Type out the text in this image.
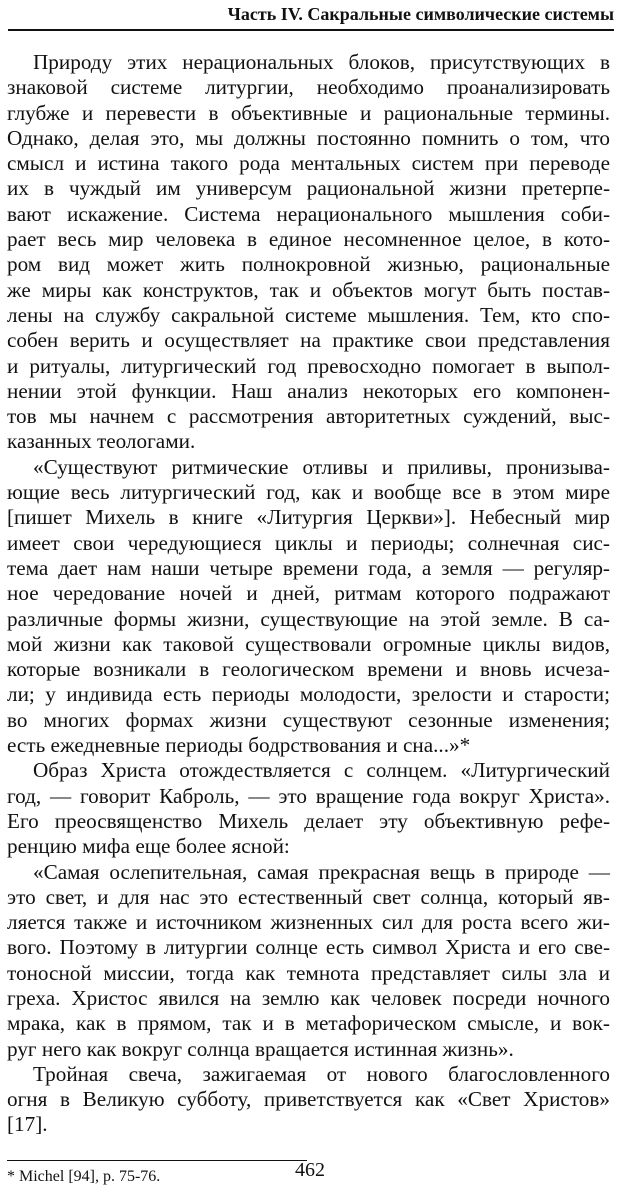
Часть IV. Сакральные символические системы
Природу этих нерациональных блоков, присутствующих в
знаковой системе литургии, необходимо проанализировать
глубже и перевести в объективные и рациональные термины.
Однако, делая это, мы должны постоянно помнить о том, что
смысл и истина такого рода ментальных систем при переводе
их в чуждый им универсум рациональной жизни претерпе-
вают искажение. Система нерационального мышления соби-
рает весь мир человека в единое несомненное целое, в кото-
ром вид может жить полнокровной жизнью, рациональные
же миры как конструктов, так и объектов могут быть постав-
лены на службу сакральной системе мышления. Тем, кто спо-
собен верить и осуществляет на практике свои представления
и ритуалы, литургический год превосходно помогает в выпол-
нении этой функции. Наш анализ некоторых его компонен-
тов мы начнем с рассмотрения авторитетных суждений, выс-
казанных теологами.
«Существуют ритмические отливы и приливы, пронизыва-
ющие весь литургический год, как и вообще все в этом мире
[пишет Михель в книге «Литургия Церкви»]. Небесный мир
имеет свои чередующиеся циклы и периоды; солнечная сис-
тема дает нам наши четыре времени года, а земля — регуляр-
ное чередование ночей и дней, ритмам которого подражают
различные формы жизни, существующие на этой земле. В са-
мой жизни как таковой существовали огромные циклы видов,
которые возникали в геологическом времени и вновь исчеза-
ли; у индивида есть периоды молодости, зрелости и старости;
во многих формах жизни существуют сезонные изменения;
есть ежедневные периоды бодрствования и сна...»*
Образ Христа отождествляется с солнцем. «Литургический
год, — говорит Каброль, — это вращение года вокруг Христа».
Его преосвященство Михель делает эту объективную рефе-
ренцию мифа еще более ясной:
«Самая ослепительная, самая прекрасная вещь в природе —
это свет, и для нас это естественный свет солнца, который яв-
ляется также и источником жизненных сил для роста всего жи-
вого. Поэтому в литургии солнце есть символ Христа и его све-
тоносной миссии, тогда как темнота представляет силы зла и
греха. Христос явился на землю как человек посреди ночного
мрака, как в прямом, так и в метафорическом смысле, и вок-
руг него как вокруг солнца вращается истинная жизнь».
Тройная свеча, зажигаемая от нового благословленного
огня в Великую субботу, приветствуется как «Свет Христов»
[17].
* Michel [94], p. 75-76.	462
